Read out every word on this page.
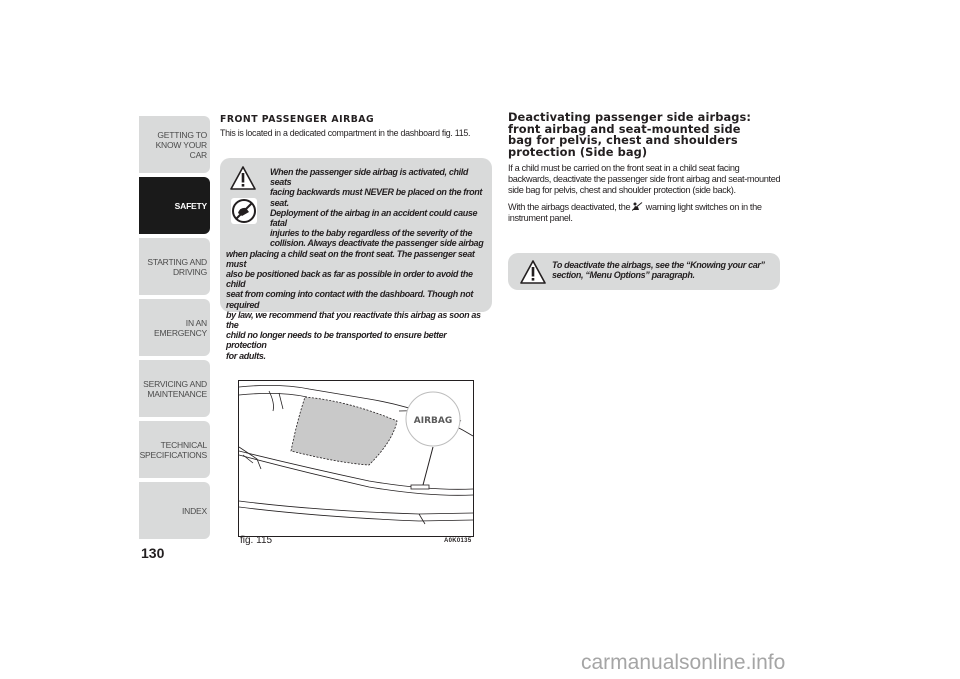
GETTING TO KNOW YOUR CAR
SAFETY
STARTING AND DRIVING
IN AN EMERGENCY
SERVICING AND MAINTENANCE
TECHNICAL SPECIFICATIONS
INDEX
130
FRONT PASSENGER AIRBAG
This is located in a dedicated compartment in the dashboard fig. 115.

When the passenger side airbag is activated, child seats

facing backwards must NEVER be placed on the front seat.

Deployment of the airbag in an accident could cause fatal

injuries to the baby regardless of the severity of the

collision. Always deactivate the passenger side airbag

when placing a child seat on the front seat. The passenger seat must

also be positioned back as far as possible in order to avoid the child

seat from coming into contact with the dashboard. Though not required

by law, we recommend that you reactivate this airbag as soon as the

child no longer needs to be transported to ensure better protection

for adults.

AIRBAG
fig. 115	A0K0135
Deactivating passenger side airbags:
front airbag and seat-mounted side
bag for pelvis, chest and shoulders
protection (Side bag)

If a child must be carried on the front seat in a child seat facing backwards, deactivate the passenger side front airbag and seat-mounted side bag for pelvis, chest and shoulder protection (side back).

With the airbags deactivated, the warning light switches on in the instrument panel.

To deactivate the airbags, see the “Knowing your car”
section, “Menu Options” paragraph.
carmanualsonline.info
